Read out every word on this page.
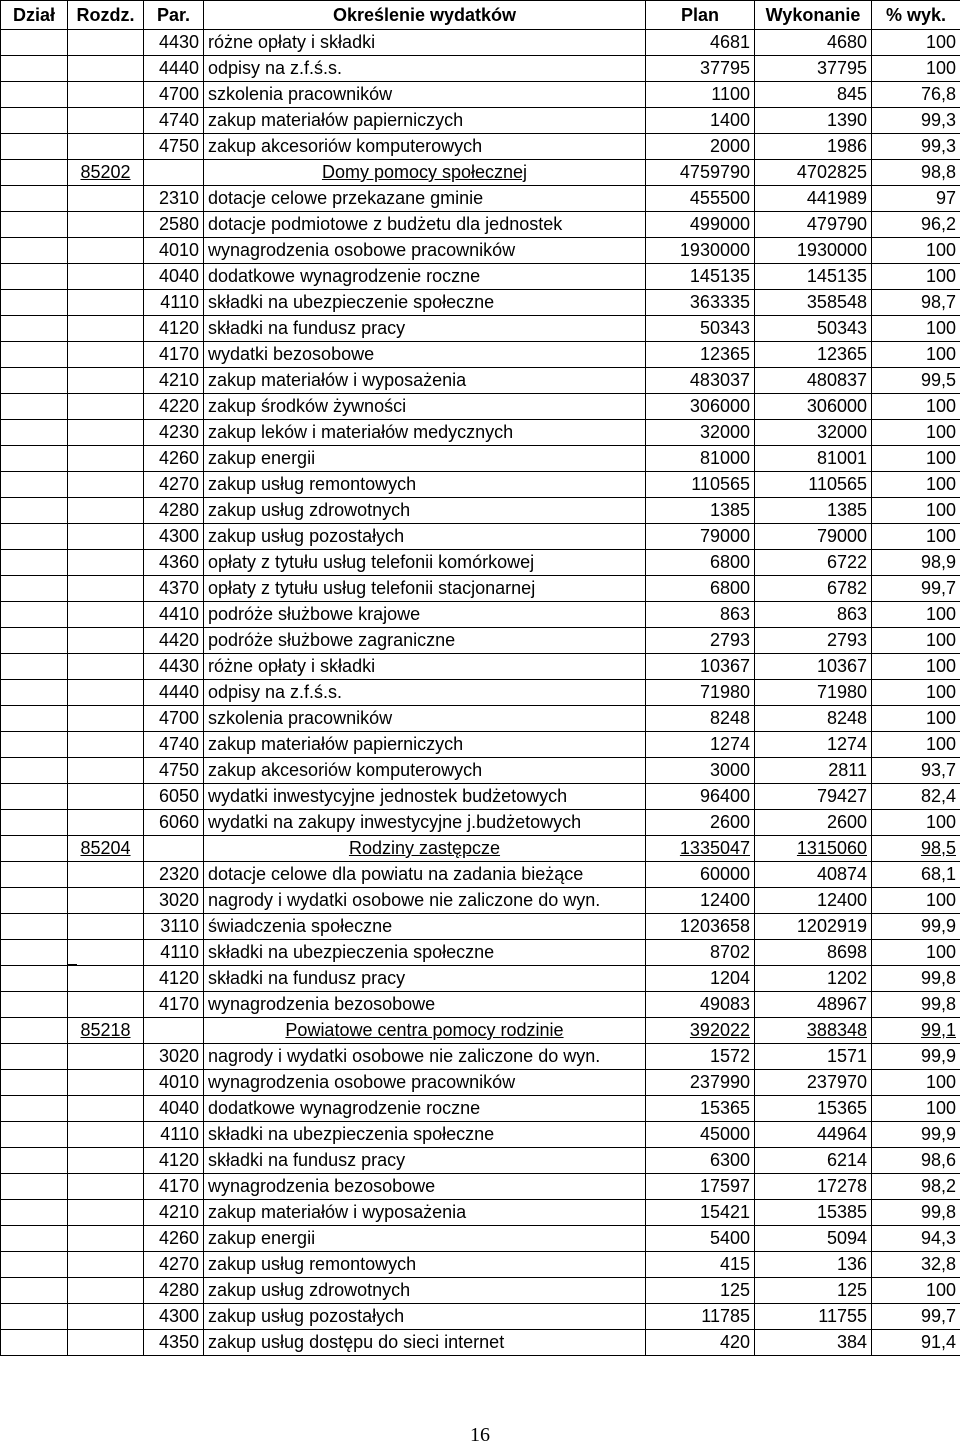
Dział	Rozdz.	Par.	Określenie wydatków	Plan	Wykonanie	% wyk.
		4430	różne opłaty i składki	4681	4680	100
		4440	odpisy na z.f.ś.s.	37795	37795	100
		4700	szkolenia pracowników	1100	845	76,8
		4740	zakup materiałów papierniczych	1400	1390	99,3
		4750	zakup akcesoriów komputerowych	2000	1986	99,3
	85202		Domy pomocy społecznej	4759790	4702825	98,8
		2310	dotacje celowe przekazane gminie	455500	441989	97
		2580	dotacje podmiotowe z budżetu dla jednostek	499000	479790	96,2
		4010	wynagrodzenia osobowe pracowników	1930000	1930000	100
		4040	dodatkowe wynagrodzenie roczne	145135	145135	100
		4110	składki na ubezpieczenie społeczne	363335	358548	98,7
		4120	składki na fundusz pracy	50343	50343	100
		4170	wydatki bezosobowe	12365	12365	100
		4210	zakup materiałów i wyposażenia	483037	480837	99,5
		4220	zakup środków żywności	306000	306000	100
		4230	zakup leków i materiałów medycznych	32000	32000	100
		4260	zakup energii	81000	81001	100
		4270	zakup usług remontowych	110565	110565	100
		4280	zakup usług zdrowotnych	1385	1385	100
		4300	zakup usług pozostałych	79000	79000	100
		4360	opłaty z tytułu usług telefonii komórkowej	6800	6722	98,9
		4370	opłaty z tytułu usług telefonii stacjonarnej	6800	6782	99,7
		4410	podróże służbowe krajowe	863	863	100
		4420	podróże służbowe zagraniczne	2793	2793	100
		4430	różne opłaty i składki	10367	10367	100
		4440	odpisy na z.f.ś.s.	71980	71980	100
		4700	szkolenia pracowników	8248	8248	100
		4740	zakup materiałów papierniczych	1274	1274	100
		4750	zakup akcesoriów komputerowych	3000	2811	93,7
		6050	wydatki inwestycyjne jednostek budżetowych	96400	79427	82,4
		6060	wydatki na zakupy inwestycyjne j.budżetowych	2600	2600	100
	85204		Rodziny zastępcze	1335047	1315060	98,5
		2320	dotacje celowe dla powiatu na zadania bieżące	60000	40874	68,1
		3020	nagrody i wydatki osobowe nie zaliczone do wyn.	12400	12400	100
		3110	świadczenia społeczne	1203658	1202919	99,9
		4110	składki na ubezpieczenia społeczne	8702	8698	100
		4120	składki na fundusz pracy	1204	1202	99,8
		4170	wynagrodzenia bezosobowe	49083	48967	99,8
	85218		Powiatowe centra pomocy rodzinie	392022	388348	99,1
		3020	nagrody i wydatki osobowe nie zaliczone do wyn.	1572	1571	99,9
		4010	wynagrodzenia osobowe pracowników	237990	237970	100
		4040	dodatkowe wynagrodzenie roczne	15365	15365	100
		4110	składki na ubezpieczenia społeczne	45000	44964	99,9
		4120	składki na fundusz pracy	6300	6214	98,6
		4170	wynagrodzenia bezosobowe	17597	17278	98,2
		4210	zakup materiałów i wyposażenia	15421	15385	99,8
		4260	zakup energii	5400	5094	94,3
		4270	zakup usług remontowych	415	136	32,8
		4280	zakup usług zdrowotnych	125	125	100
		4300	zakup usług pozostałych	11785	11755	99,7
		4350	zakup usług dostępu do sieci internet	420	384	91,4
16
